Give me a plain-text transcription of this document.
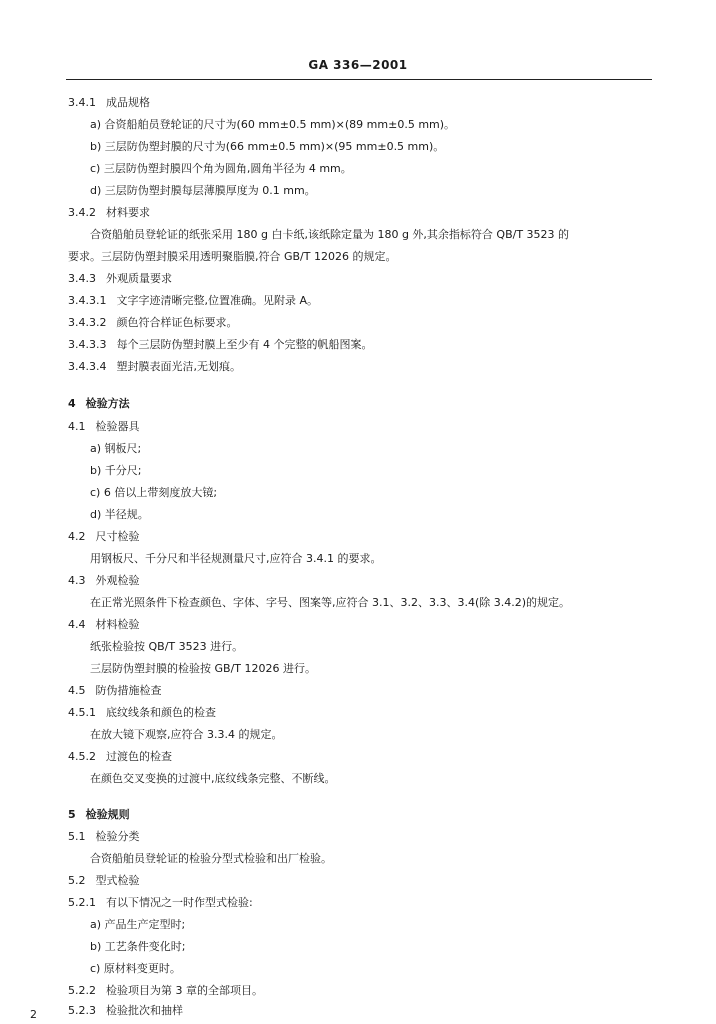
GA 336—2001
3.4.1 成品规格
a) 合资船舶员登轮证的尺寸为(60 mm±0.5 mm)×(89 mm±0.5 mm)。
b) 三层防伪塑封膜的尺寸为(66 mm±0.5 mm)×(95 mm±0.5 mm)。
c) 三层防伪塑封膜四个角为圆角,圆角半径为 4 mm。
d) 三层防伪塑封膜每层薄膜厚度为 0.1 mm。
3.4.2 材料要求
合资船舶员登轮证的纸张采用 180 g 白卡纸,该纸除定量为 180 g 外,其余指标符合 QB/T 3523 的
要求。三层防伪塑封膜采用透明聚脂膜,符合 GB/T 12026 的规定。
3.4.3 外观质量要求
3.4.3.1 文字字迹清晰完整,位置准确。见附录 A。
3.4.3.2 颜色符合样证色标要求。
3.4.3.3 每个三层防伪塑封膜上至少有 4 个完整的帆船图案。
3.4.3.4 塑封膜表面光洁,无划痕。
4 检验方法
4.1 检验器具
a) 钢板尺;
b) 千分尺;
c) 6 倍以上带刻度放大镜;
d) 半径规。
4.2 尺寸检验
用钢板尺、千分尺和半径规测量尺寸,应符合 3.4.1 的要求。
4.3 外观检验
在正常光照条件下检查颜色、字体、字号、图案等,应符合 3.1、3.2、3.3、3.4(除 3.4.2)的规定。
4.4 材料检验
纸张检验按 QB/T 3523 进行。
三层防伪塑封膜的检验按 GB/T 12026 进行。
4.5 防伪措施检查
4.5.1 底纹线条和颜色的检查
在放大镜下观察,应符合 3.3.4 的规定。
4.5.2 过渡色的检查
在颜色交叉变换的过渡中,底纹线条完整、不断线。
5 检验规则
5.1 检验分类
合资船舶员登轮证的检验分型式检验和出厂检验。
5.2 型式检验
5.2.1 有以下情况之一时作型式检验:
a) 产品生产定型时;
b) 工艺条件变化时;
c) 原材料变更时。
5.2.2 检验项目为第 3 章的全部项目。
5.2.3 检验批次和抽样
2
